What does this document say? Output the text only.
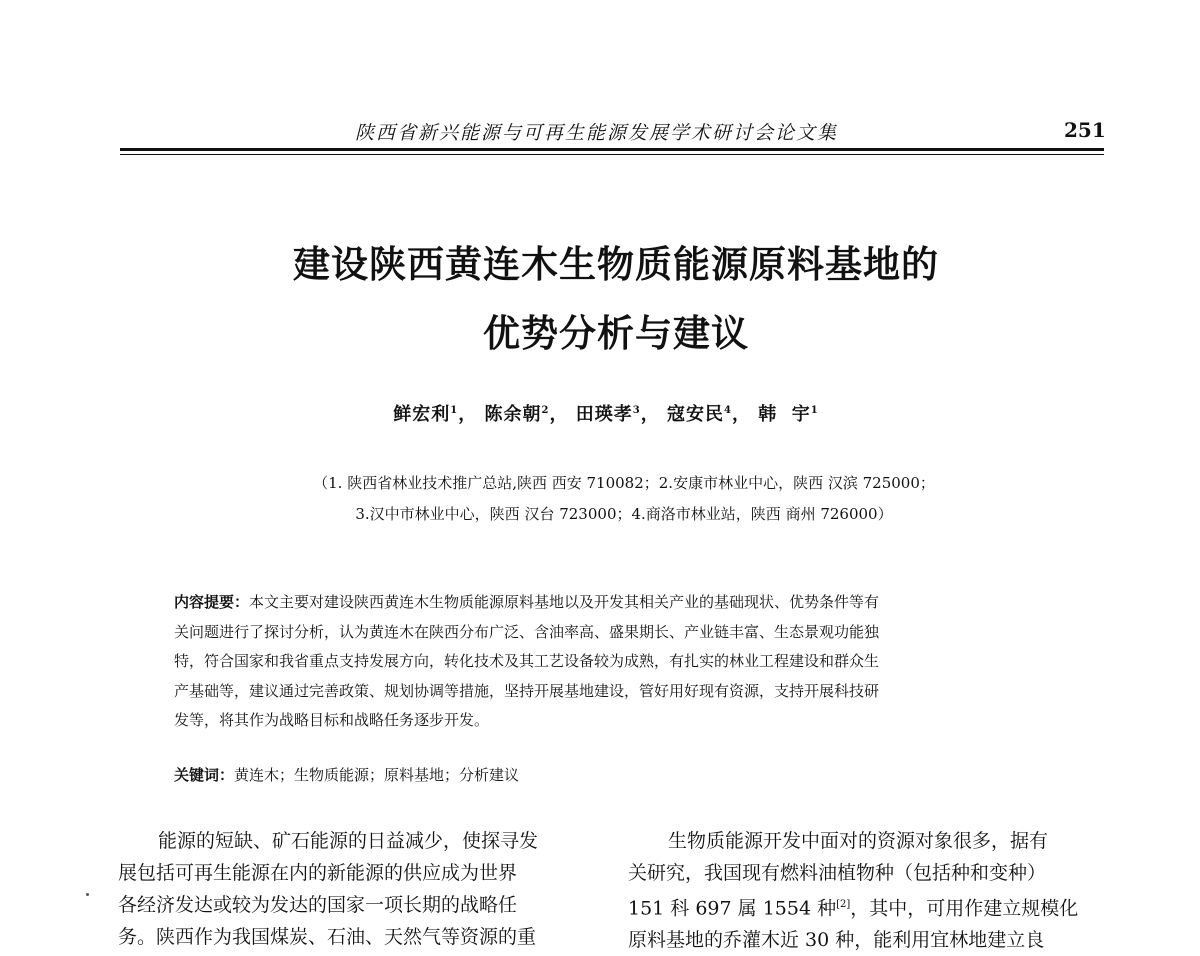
陕西省新兴能源与可再生能源发展学术研讨会论文集	251
建设陕西黄连木生物质能源原料基地的
优势分析与建议
鲜宏利$^1$， 陈余朝$^2$， 田瑛孝$^3$， 寇安民$^4$， 韩  宇$^1$
（1. 陕西省林业技术推广总站,陕西 西安 710082；2.安康市林业中心，陕西 汉滨 725000；
3.汉中市林业中心，陕西 汉台 723000；4.商洛市林业站，陕西 商州 726000）
内容提要：本文主要对建设陕西黄连木生物质能源原料基地以及开发其相关产业的基础现状、优势条件等有
关问题进行了探讨分析，认为黄连木在陕西分布广泛、含油率高、盛果期长、产业链丰富、生态景观功能独
特，符合国家和我省重点支持发展方向，转化技术及其工艺设备较为成熟，有扎实的林业工程建设和群众生
产基础等，建议通过完善政策、规划协调等措施，坚持开展基地建设，管好用好现有资源，支持开展科技研
发等，将其作为战略目标和战略任务逐步开发。
关键词：黄连木；生物质能源；原料基地；分析建议
能源的短缺、矿石能源的日益减少，使探寻发
展包括可再生能源在内的新能源的供应成为世界
各经济发达或较为发达的国家一项长期的战略任
务。陕西作为我国煤炭、石油、天然气等资源的重
生物质能源开发中面对的资源对象很多，据有
关研究，我国现有燃料油植物种（包括种和变种）
151 科 697 属 1554 种[2]，其中，可用作建立规模化
原料基地的乔灌木近 30 种，能利用宜林地建立良
